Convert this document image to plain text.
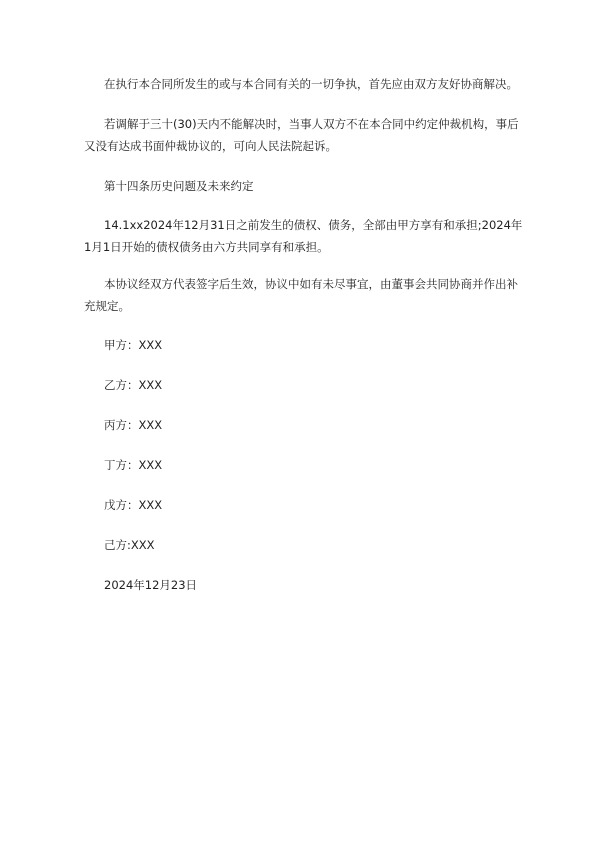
在执行本合同所发生的或与本合同有关的一切争执，首先应由双方友好协商解决。

若调解于三十(30)天内不能解决时，当事人双方不在本合同中约定仲裁机构，事后又没有达成书面仲裁协议的，可向人民法院起诉。

第十四条历史问题及未来约定

14.1xx2024年12月31日之前发生的债权、债务，全部由甲方享有和承担;2024年1月1日开始的债权债务由六方共同享有和承担。

本协议经双方代表签字后生效，协议中如有未尽事宜，由董事会共同协商并作出补充规定。

甲方：XXX

乙方：XXX

丙方：XXX

丁方：XXX

戊方：XXX

己方:XXX

2024年12月23日
